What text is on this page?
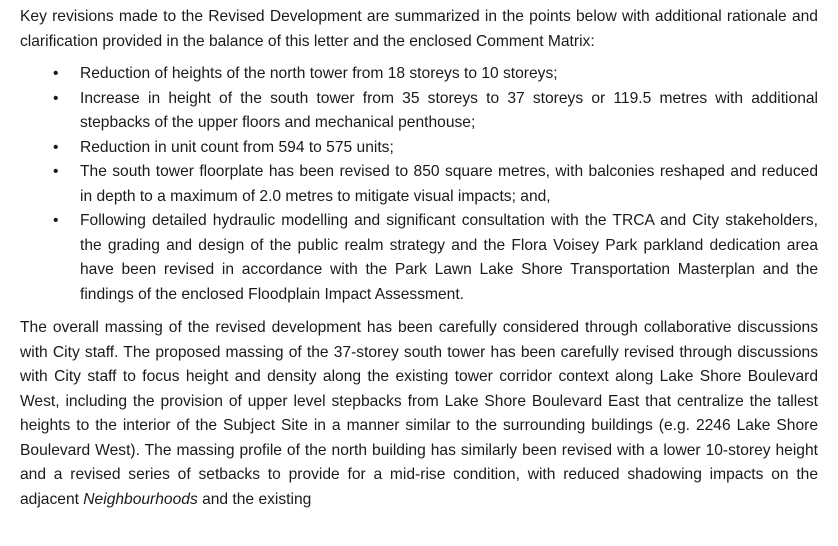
Key revisions made to the Revised Development are summarized in the points below with additional rationale and clarification provided in the balance of this letter and the enclosed Comment Matrix:

• Reduction of heights of the north tower from 18 storeys to 10 storeys;
• Increase in height of the south tower from 35 storeys to 37 storeys or 119.5 metres with additional stepbacks of the upper floors and mechanical penthouse;
• Reduction in unit count from 594 to 575 units;
• The south tower floorplate has been revised to 850 square metres, with balconies reshaped and reduced in depth to a maximum of 2.0 metres to mitigate visual impacts; and,
• Following detailed hydraulic modelling and significant consultation with the TRCA and City stakeholders, the grading and design of the public realm strategy and the Flora Voisey Park parkland dedication area have been revised in accordance with the Park Lawn Lake Shore Transportation Masterplan and the findings of the enclosed Floodplain Impact Assessment.

The overall massing of the revised development has been carefully considered through collaborative discussions with City staff. The proposed massing of the 37-storey south tower has been carefully revised through discussions with City staff to focus height and density along the existing tower corridor context along Lake Shore Boulevard West, including the provision of upper level stepbacks from Lake Shore Boulevard East that centralize the tallest heights to the interior of the Subject Site in a manner similar to the surrounding buildings (e.g. 2246 Lake Shore Boulevard West). The massing profile of the north building has similarly been revised with a lower 10-storey height and a revised series of setbacks to provide for a mid-rise condition, with reduced shadowing impacts on the adjacent Neighbourhoods and the existing
